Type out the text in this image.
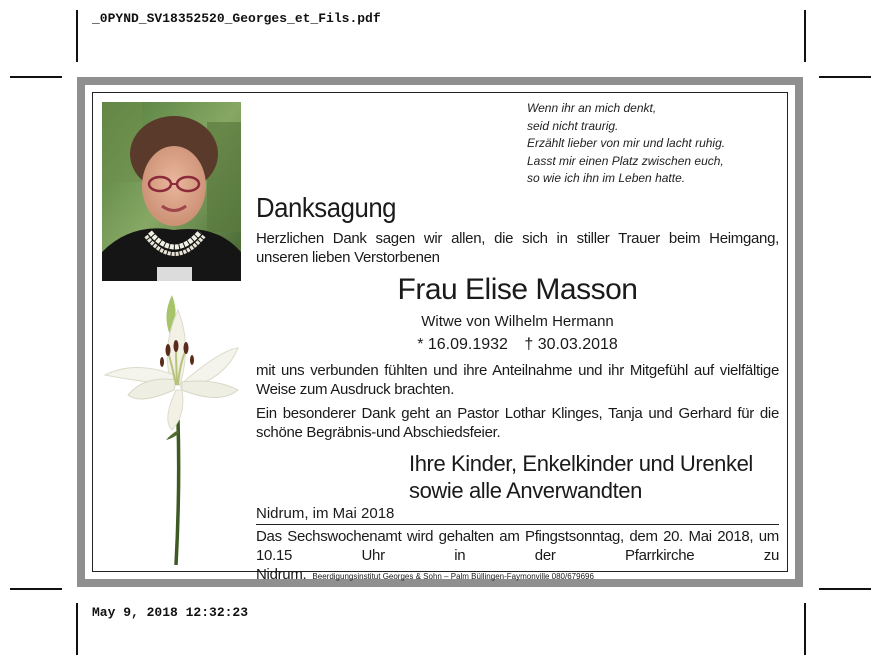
_0PYND_SV18352520_Georges_et_Fils.pdf
May 9, 2018 12:32:23
Wenn ihr an mich denkt,
seid nicht traurig.
Erzählt lieber von mir und lacht ruhig.
Lasst mir einen Platz zwischen euch,
so wie ich ihn im Leben hatte.
Danksagung
Herzlichen Dank sagen wir allen, die sich in stiller Trauer beim Heimgang, unseren lieben Verstorbenen
Frau Elise Masson
Witwe von Wilhelm Hermann
* 16.09.1932 † 30.03.2018
mit uns verbunden fühlten und ihre Anteilnahme und ihr Mitgefühl auf vielfältige Weise zum Ausdruck brachten.
Ein besonderer Dank geht an Pastor Lothar Klinges, Tanja und Gerhard für die schöne Begräbnis-und Abschiedsfeier.
Ihre Kinder, Enkelkinder und Urenkel
sowie alle Anverwandten
Nidrum, im Mai 2018
Das Sechswochenamt wird gehalten am Pfingstsonntag, dem 20. Mai 2018, um 10.15 Uhr in der Pfarrkirche zu Nidrum. Beerdigungsinstitut Georges & Sohn – Palm Büllingen-Faymonville 080/679696
